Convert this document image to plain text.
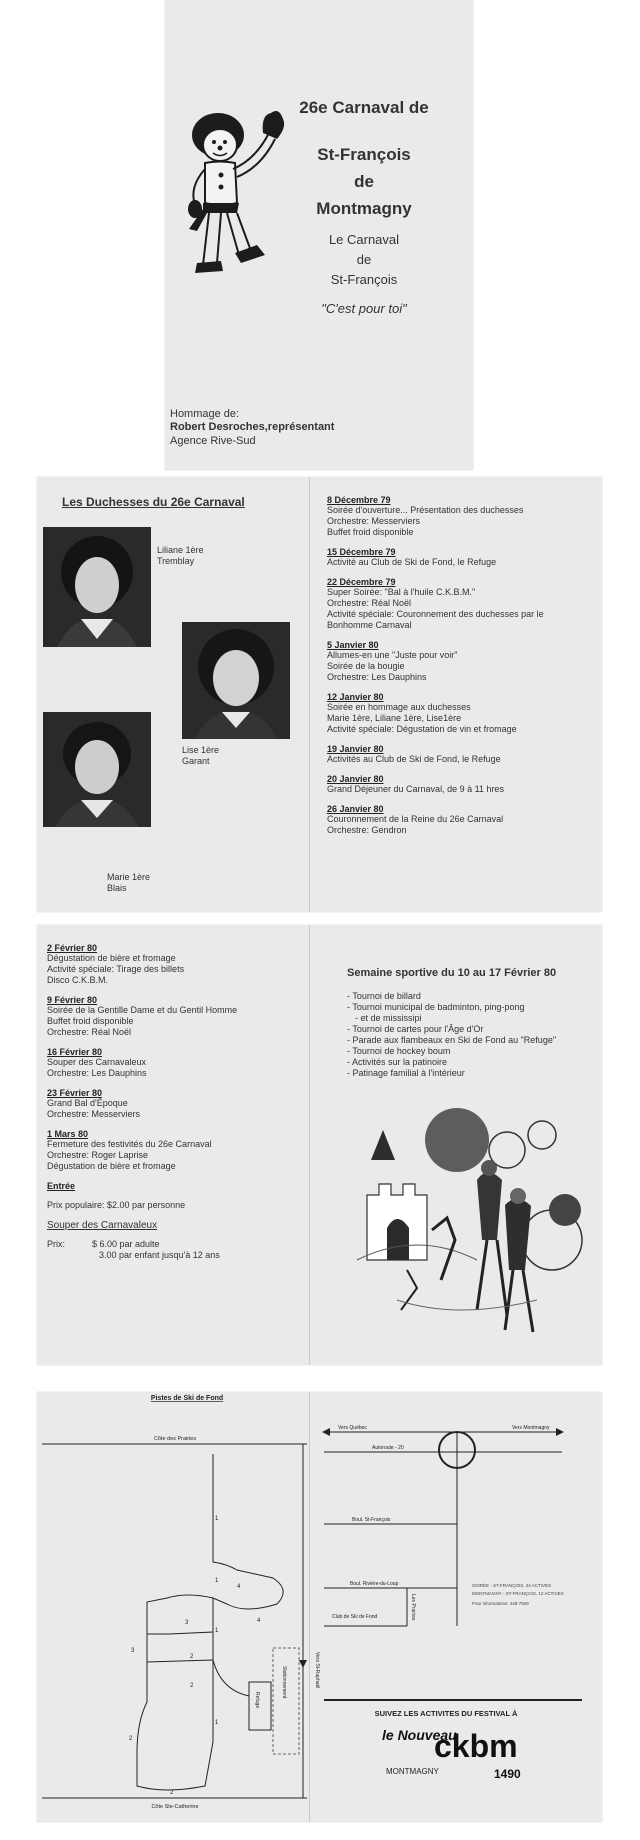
26e Carnaval de
St-François
de
Montmagny
Le Carnaval
de
St-François
"C'est pour toi"
Hommage de:
Robert Desroches,représentant
Agence Rive-Sud
Les Duchesses du 26e Carnaval
Liliane 1ère
Tremblay
Lise 1ère
Garant
Marie 1ère
Blais
8 Décembre 79
Soirée d'ouverture... Présentation des duchesses
Orchestre: Messerviers
Buffet froid disponible
15 Décembre 79
Activité au Club de Ski de Fond, le Refuge
22 Décembre 79
Super Soirée: "Bal à l'huile C.K.B.M."
Orchestre: Réal Noël
Activité spéciale: Couronnement des duchesses par le
Bonhomme Carnaval
5 Janvier 80
Allumes-en une "Juste pour voir"
Soirée de la bougie
Orchestre: Les Dauphins
12 Janvier 80
Soirée en hommage aux duchesses
Marie 1ère, Liliane 1ère, Lise1ère
Activité spéciale: Dégustation de vin et fromage
19 Janvier 80
Activités au Club de Ski de Fond, le Refuge
20 Janvier 80
Grand Déjeuner du Carnaval, de 9 à 11 hres
26 Janvier 80
Couronnement de la Reine du 26e Carnaval
Orchestre: Gendron
2 Février 80
Dégustation de bière et fromage
Activité spéciale: Tirage des billets
Disco C.K.B.M.
9 Février 80
Soirée de la Gentille Dame et du Gentil Homme
Buffet froid disponible
Orchestre: Réal Noël
16 Février 80
Souper des Carnavaleux
Orchestre: Les Dauphins
23 Février 80
Grand Bal d'Époque
Orchestre: Messerviers
1 Mars 80
Fermeture des festivités du 26e Carnaval
Orchestre: Roger Laprise
Dégustation de bière et fromage
Entrée
Prix populaire: $2.00 par personne
Souper des Carnavaleux
Prix:	$ 6.00 par adulte
3.00 par enfant jusqu'à 12 ans
Semaine sportive du 10 au 17 Février 80
- Tournoi de billard
- Tournoi municipal de badminton, ping-pong
- et de mississipi
- Tournoi de cartes pour l'Âge d'Or
- Parade aux flambeaux en Ski de Fond au "Refuge"
- Tournoi de hockey boum
- Activités sur la patinoire
- Patinage familial à l'intérieur
Pistes de Ski de Fond
Côte des Prairies
Côte Ste-Catherine
Vers St-Raphaël
Refuge
Stationnement
1
1
1
1
2
2
2
2
3
3
4
4
Vers Québec	Vers Montmagny
Autoroute - 20
Boul. St-François
Boul. Rivière-du-Loup
Les Prairies
Club de Ski de Fond
SOIRÉE - ST-FRANÇOIS, 44 ACTIVES
MONTMAGNY - ST-FRANÇOIS, 12 ACTIVES
Pour informations: 248-7929
SUIVEZ LES ACTIVITES DU FESTIVAL À
le Nouveau
ckbm
MONTMAGNY	1490
